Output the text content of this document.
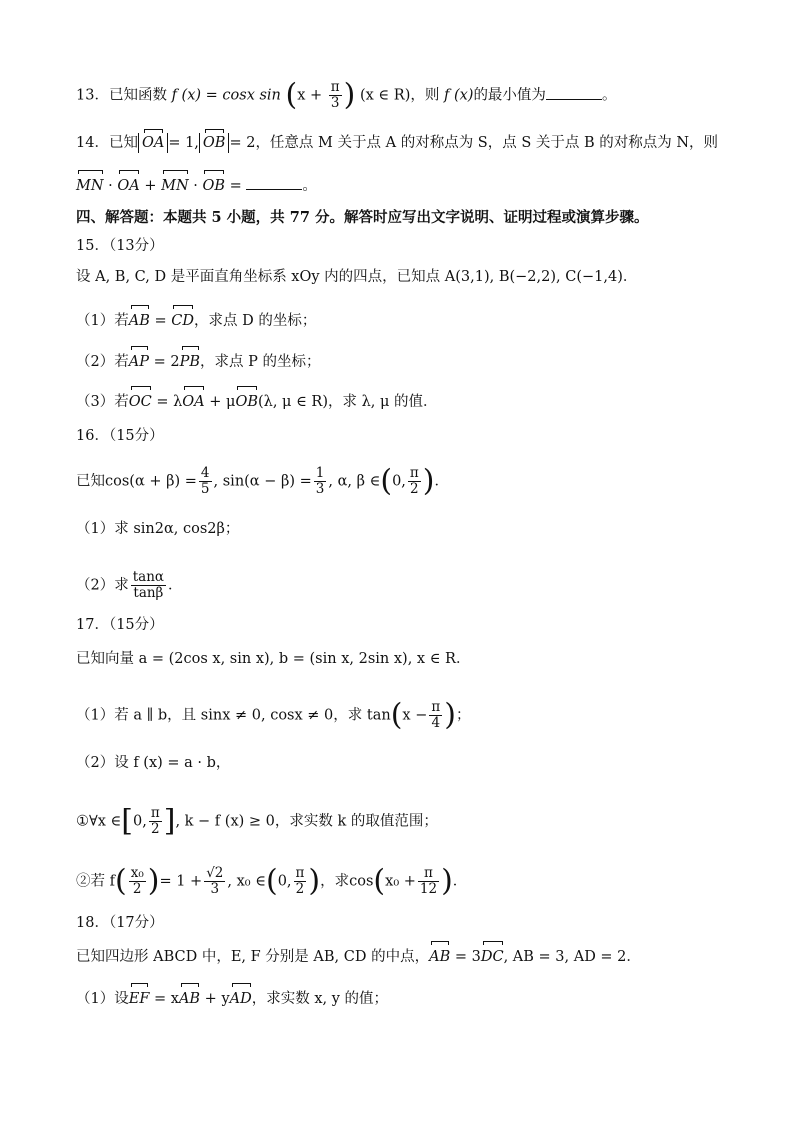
13．已知函数 f (x) = cosx $\sin (x + \frac{\pi}{3}$ ) (x ∈ R)，则 f (x)的最小值为	。
14．已知 OA = 1, OB = 2，任意点 M 关于点 A 的对称点为 S，点 S 关于点 B 的对称点为 N，则
MN · OA + MN · OB =	。
四、解答题：本题共 5 小题，共 77 分。解答时应写出文字说明、证明过程或演算步骤。
15．（13分）
设 A, B, C, D 是平面直角坐标系 xOy 内的四点，已知点 A(3,1), B(−2,2), C(−1,4)．
（1）若AB = CD，求点 D 的坐标；
（2）若AP = 2PB，求点 P 的坐标；
（3）若OC = λOA + μOB(λ, μ ∈ R)，求 λ, μ 的值．
16．（15分）
已知$\cos(\alpha + \beta) = \frac{4}{5}$ , $\sin(\alpha - \beta) = \frac{1}{3}$ , α, β ∈(0, $\frac{\pi}{2}$ )．
（1）求 sin2α, cos2β；
（2）求 $\frac{\tan\alpha}{\tan\beta}$ ．
17．（15分）
已知向量 a = (2cos x, sin x), b = (sin x, 2sin x), x ∈ R．
（1）若 a ∥ b，且 sinx ≠ 0, cosx ≠ 0，求 $\tan(x - \frac{\pi}{4}$ )；
（2）设 f (x) = a · b，
①∀x ∈[0, $\frac{\pi}{2}$ ], k − f (x) ≥ 0，求实数 k 的取值范围；
②若 $f( \frac{\text{x₀}}{2}$ )= $1 + \frac{√2}{3}$ , x₀ ∈(0, $\frac{\pi}{2}$ )，求$\cos(x_0 + \frac{\pi}{12}$ )．
18．（17分）
已知四边形 ABCD 中，E, F 分别是 AB, CD 的中点，AB = 3DC, AB = 3, AD = 2．
（1）设EF = xAB + yAD，求实数 x, y 的值；
